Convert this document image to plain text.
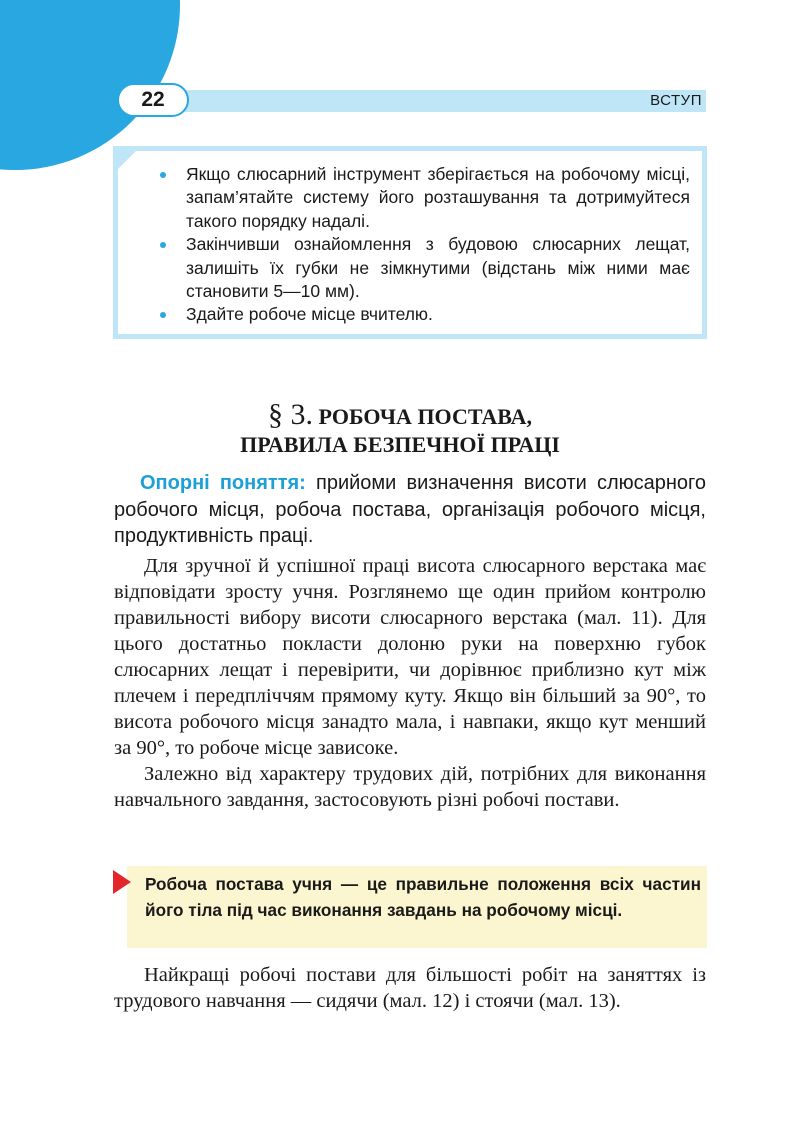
22	ВСТУП
Якщо слюсарний інструмент зберігається на робочому місці, запам’ятайте систему його розташування та дотримуйтеся такого порядку надалі.
Закінчивши ознайомлення з будовою слюсарних лещат, залишіть їх губки не зімкнутими (відстань між ними має становити 5—10 мм).
Здайте робоче місце вчителю.
§ 3. РОБОЧА ПОСТАВА,
ПРАВИЛА БЕЗПЕЧНОЇ ПРАЦІ
Опорні поняття: прийоми визначення висоти слюсарного робочого місця, робоча постава, організація робочого місця, продуктивність праці.

Для зручної й успішної праці висота слюсарного верстака має відповідати зросту учня. Розглянемо ще один прийом контролю правильності вибору висоти слюсарного верстака (мал. 11). Для цього достатньо покласти долоню руки на поверхню губок слюсарних лещат і перевірити, чи дорівнює приблизно кут між плечем і передпліччям прямому куту. Якщо він більший за 90°, то висота робочого місця занадто мала, і навпаки, якщо кут менший за 90°, то робоче місце зависоке.

Залежно від характеру трудових дій, потрібних для виконання навчального завдання, застосовують різні робочі постави.

Робоча постава учня — це правильне положення всіх частин його тіла під час виконання завдань на робочому місці.

Найкращі робочі постави для більшості робіт на заняттях із трудового навчання — сидячи (мал. 12) і стоячи (мал. 13).
